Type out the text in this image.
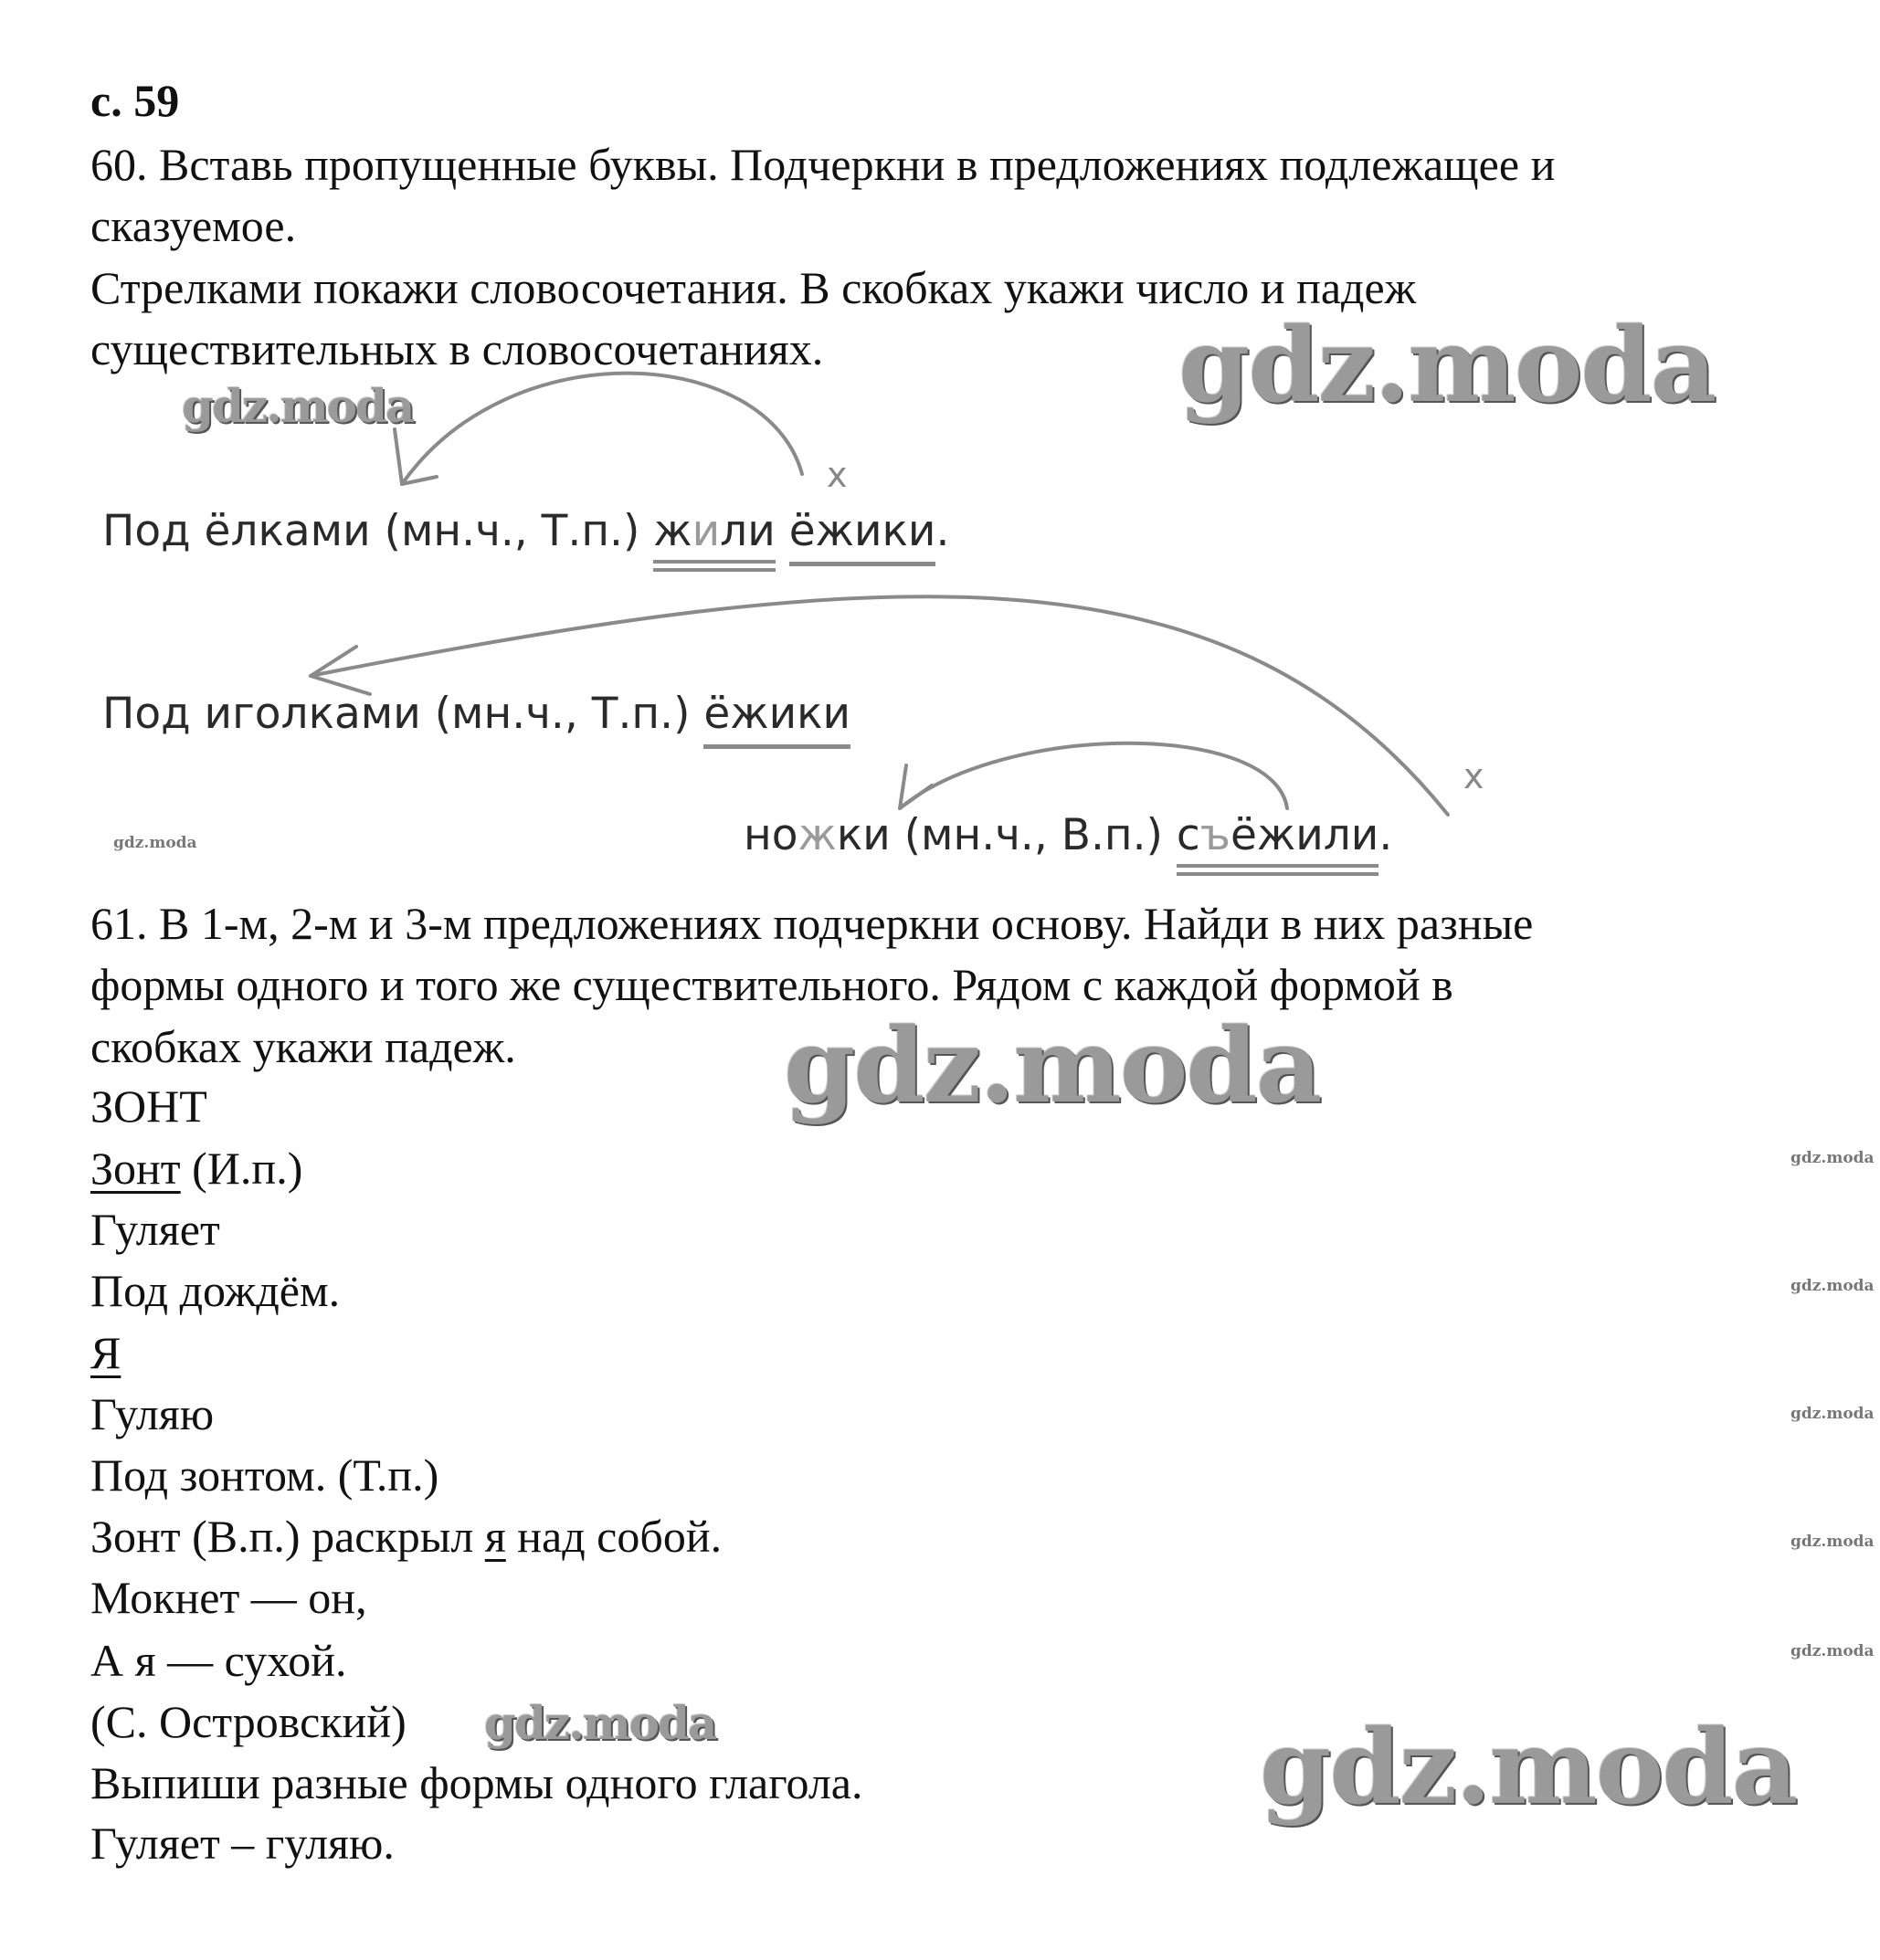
с. 59
60. Вставь пропущенные буквы. Подчеркни в предложениях подлежащее и
сказуемое.
Стрелками покажи словосочетания. В скобках укажи число и падеж
существительных в словосочетаниях.
x
x
Под ёлками (мн.ч., Т.п.) жили ёжики.
Под иголками (мн.ч., Т.п.) ёжики
ножки (мн.ч., В.п.) съёжили.
61. В 1-м, 2-м и 3-м предложениях подчеркни основу. Найди в них разные
формы одного и того же существительного. Рядом с каждой формой в
скобках укажи падеж.
ЗОНТ
Зонт (И.п.)
Гуляет
Под дождём.
Я
Гуляю
Под зонтом. (Т.п.)
Зонт (В.п.) раскрыл я над собой.
Мокнет — он,
А я — сухой.
(С. Островский)
Выпиши разные формы одного глагола.
Гуляет – гуляю.
gdz.moda
gdz.moda
gdz.moda
gdz.moda
gdz.moda
gdz.moda
gdz.moda
gdz.moda
gdz.moda
gdz.moda
gdz.moda
